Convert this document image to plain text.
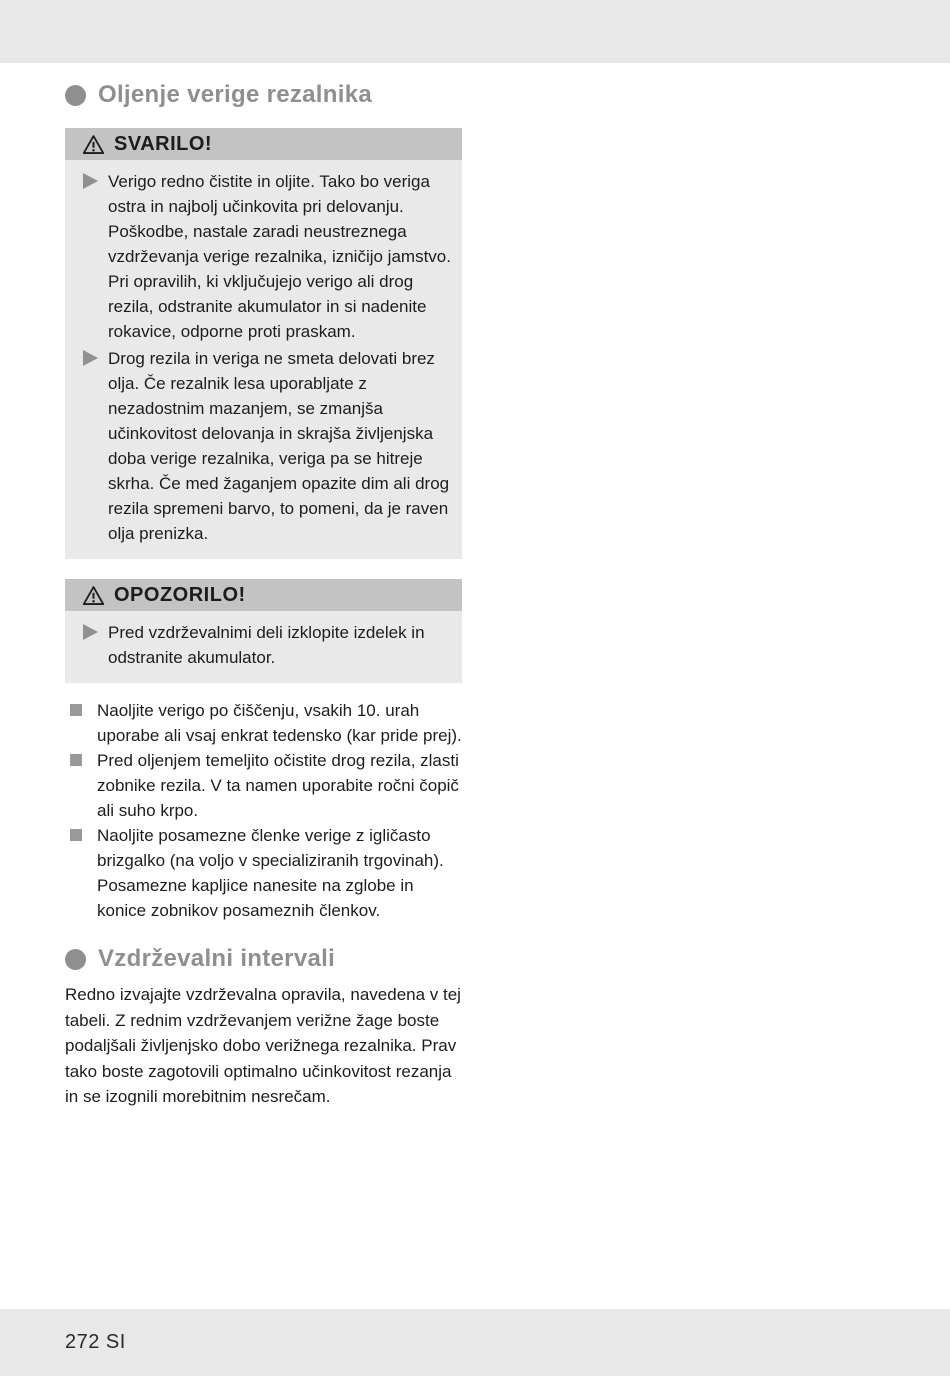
Oljenje verige rezalnika
SVARILO!
Verigo redno čistite in oljite. Tako bo veriga ostra in najbolj učinkovita pri delovanju. Poškodbe, nastale zaradi neustreznega vzdrževanja verige rezalnika, izničijo jamstvo. Pri opravilih, ki vključujejo verigo ali drog rezila, odstranite akumulator in si nadenite rokavice, odporne proti praskam.
Drog rezila in veriga ne smeta delovati brez olja. Če rezalnik lesa uporabljate z nezadostnim mazanjem, se zmanjša učinkovitost delovanja in skrajša življenjska doba verige rezalnika, veriga pa se hitreje skrha. Če med žaganjem opazite dim ali drog rezila spremeni barvo, to pomeni, da je raven olja prenizka.
OPOZORILO!
Pred vzdrževalnimi deli izklopite izdelek in odstranite akumulator.
Naoljite verigo po čiščenju, vsakih 10. urah uporabe ali vsaj enkrat tedensko (kar pride prej).
Pred oljenjem temeljito očistite drog rezila, zlasti zobnike rezila. V ta namen uporabite ročni čopič ali suho krpo.
Naoljite posamezne členke verige z igličasto brizgalko (na voljo v specializiranih trgovinah). Posamezne kapljice nanesite na zglobe in konice zobnikov posameznih členkov.
Vzdrževalni intervali

Redno izvajajte vzdrževalna opravila, navedena v tej tabeli. Z rednim vzdrževanjem verižne žage boste podaljšali življenjsko dobo verižnega rezalnika. Prav tako boste zagotovili optimalno učinkovitost rezanja in se izognili morebitnim nesrečam.

272 SI
